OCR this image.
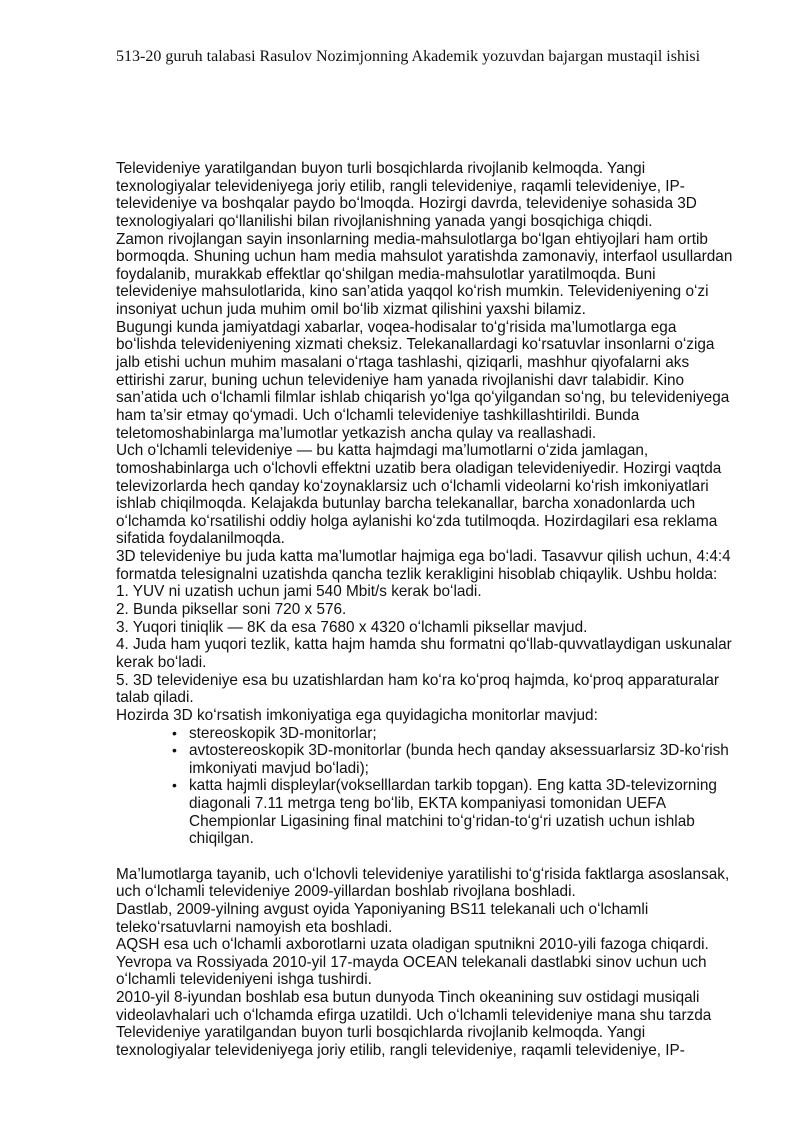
513-20 guruh talabasi Rasulov Nozimjonning Akademik yozuvdan bajargan mustaqil ishisi
Televideniye yaratilgandan buyon turli bosqichlarda rivojlanib kelmoqda. Yangi
texnologiyalar televideniyega joriy etilib, rangli televideniye, raqamli televideniye, IP-
televideniye va boshqalar paydo boʻlmoqda. Hozirgi davrda, televideniye sohasida 3D
texnologiyalari qoʻllanilishi bilan rivojlanishning yanada yangi bosqichiga chiqdi.
Zamon rivojlangan sayin insonlarning media-mahsulotlarga boʻlgan ehtiyojlari ham ortib
bormoqda. Shuning uchun ham media mahsulot yaratishda zamonaviy, interfaol usullardan
foydalanib, murakkab effektlar qoʻshilgan media-mahsulotlar yaratilmoqda. Buni
televideniye mahsulotlarida, kino san’atida yaqqol koʻrish mumkin. Televideniyening oʻzi
insoniyat uchun juda muhim omil boʻlib xizmat qilishini yaxshi bilamiz.
Bugungi kunda jamiyatdagi xabarlar, voqea-hodisalar toʻgʻrisida ma’lumotlarga ega
boʻlishda televideniyening xizmati cheksiz. Telekanallardagi koʻrsatuvlar insonlarni oʻziga
jalb etishi uchun muhim masalani oʻrtaga tashlashi, qiziqarli, mashhur qiyofalarni aks
ettirishi zarur, buning uchun televideniye ham yanada rivojlanishi davr talabidir. Kino
san’atida uch oʻlchamli filmlar ishlab chiqarish yoʻlga qoʻyilgandan soʻng, bu televideniyega
ham ta’sir etmay qoʻymadi. Uch oʻlchamli televideniye tashkillashtirildi. Bunda
teletomoshabinlarga ma’lumotlar yetkazish ancha qulay va reallashadi.
Uch oʻlchamli televideniye — bu katta hajmdagi ma’lumotlarni oʻzida jamlagan,
tomoshabinlarga uch oʻlchovli effektni uzatib bera oladigan televideniyedir. Hozirgi vaqtda
televizorlarda hech qanday koʻzoynaklarsiz uch oʻlchamli videolarni koʻrish imkoniyatlari
ishlab chiqilmoqda. Kelajakda butunlay barcha telekanallar, barcha xonadonlarda uch
oʻlchamda koʻrsatilishi oddiy holga aylanishi koʻzda tutilmoqda. Hozirdagilari esa reklama
sifatida foydalanilmoqda.
3D televideniye bu juda katta ma’lumotlar hajmiga ega boʻladi. Tasavvur qilish uchun, 4:4:4
formatda telesignalni uzatishda qancha tezlik kerakligini hisoblab chiqaylik. Ushbu holda:
1. YUV ni uzatish uchun jami 540 Mbit/s kerak boʻladi.
2. Bunda piksellar soni 720 x 576.
3. Yuqori tiniqlik — 8K da esa 7680 x 4320 oʻlchamli piksellar mavjud.
4. Juda ham yuqori tezlik, katta hajm hamda shu formatni qoʻllab-quvvatlaydigan uskunalar
kerak boʻladi.
5. 3D televideniye esa bu uzatishlardan ham koʻra koʻproq hajmda, koʻproq apparaturalar
talab qiladi.
Hozirda 3D koʻrsatish imkoniyatiga ega quyidagicha monitorlar mavjud:
• stereoskopik 3D-monitorlar;
• avtostereoskopik 3D-monitorlar (bunda hech qanday aksessuarlarsiz 3D-koʻrish
imkoniyati mavjud boʻladi);
• katta hajmli displeylar(vokselllardan tarkib topgan). Eng katta 3D-televizorning
diagonali 7.11 metrga teng boʻlib, EKTA kompaniyasi tomonidan UEFA
Chempionlar Ligasining final matchini toʻgʻridan-toʻgʻri uzatish uchun ishlab
chiqilgan.
Ma’lumotlarga tayanib, uch oʻlchovli televideniye yaratilishi toʻgʻrisida faktlarga asoslansak,
uch oʻlchamli televideniye 2009-yillardan boshlab rivojlana boshladi.
Dastlab, 2009-yilning avgust oyida Yaponiyaning BS11 telekanali uch oʻlchamli
telekoʻrsatuvlarni namoyish eta boshladi.
AQSH esa uch oʻlchamli axborotlarni uzata oladigan sputnikni 2010-yili fazoga chiqardi.
Yevropa va Rossiyada 2010-yil 17-mayda OCEAN telekanali dastlabki sinov uchun uch
oʻlchamli televideniyeni ishga tushirdi.
2010-yil 8-iyundan boshlab esa butun dunyoda Tinch okeanining suv ostidagi musiqali
videolavhalari uch oʻlchamda efirga uzatildi. Uch oʻlchamli televideniye mana shu tarzda
Televideniye yaratilgandan buyon turli bosqichlarda rivojlanib kelmoqda. Yangi
texnologiyalar televideniyega joriy etilib, rangli televideniye, raqamli televideniye, IP-
